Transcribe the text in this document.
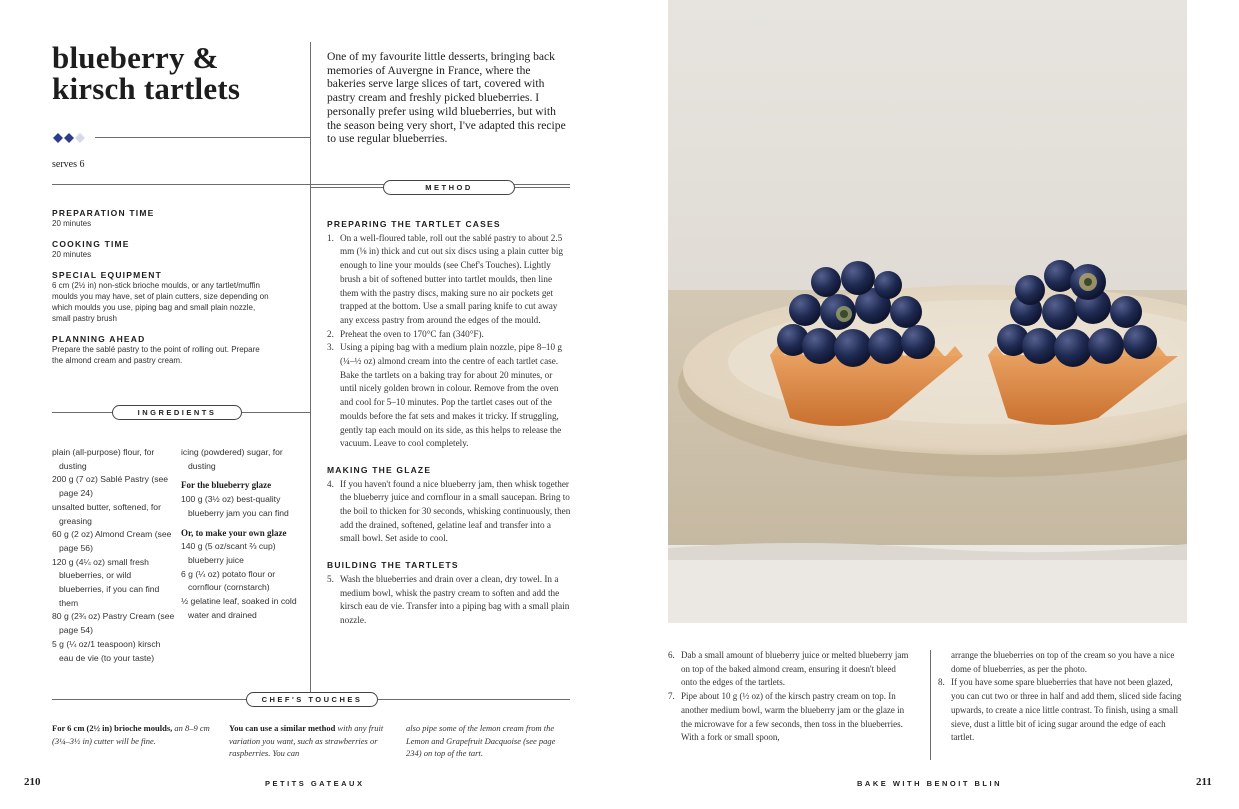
blueberry &
kirsch tartlets
serves 6
PREPARATION TIME
20 minutes
COOKING TIME
20 minutes
SPECIAL EQUIPMENT
6 cm (2½ in) non-stick brioche moulds, or any tartlet/muffin
moulds you may have, set of plain cutters, size depending on
which moulds you use, piping bag and small plain nozzle,
small pastry brush
PLANNING AHEAD
Prepare the sablé pastry to the point of rolling out. Prepare
the almond cream and pastry cream.
INGREDIENTS
plain (all-purpose) flour, for dusting
200 g (7 oz) Sablé Pastry (see page 24)
unsalted butter, softened, for greasing
60 g (2 oz) Almond Cream (see page 56)
120 g (4¼ oz) small fresh blueberries, or wild blueberries, if you can find them
80 g (2¾ oz) Pastry Cream (see page 54)
5 g (¼ oz/1 teaspoon) kirsch eau de vie (to your taste)
icing (powdered) sugar, for dusting
For the blueberry glaze
100 g (3½ oz) best-quality blueberry jam you can find
Or, to make your own glaze
140 g (5 oz/scant ⅔ cup) blueberry juice
6 g (¼ oz) potato flour or cornflour (cornstarch)
½ gelatine leaf, soaked in cold water and drained
One of my favourite little desserts, bringing back memories of Auvergne in France, where the bakeries serve large slices of tart, covered with pastry cream and freshly picked blueberries. I personally prefer using wild blueberries, but with the season being very short, I've adapted this recipe to use regular blueberries.
METHOD
PREPARING THE TARTLET CASES
1. On a well-floured table, roll out the sablé pastry to about 2.5 mm (⅛ in) thick and cut out six discs using a plain cutter big enough to line your moulds (see Chef's Touches). Lightly brush a bit of softened butter into tartlet moulds, then line them with the pastry discs, making sure no air pockets get trapped at the bottom. Use a small paring knife to cut away any excess pastry from around the edges of the mould.
2. Preheat the oven to 170°C fan (340°F).
3. Using a piping bag with a medium plain nozzle, pipe 8–10 g (¼–½ oz) almond cream into the centre of each tartlet case. Bake the tartlets on a baking tray for about 20 minutes, or until nicely golden brown in colour. Remove from the oven and cool for 5–10 minutes. Pop the tartlet cases out of the moulds before the fat sets and makes it tricky. If struggling, gently tap each mould on its side, as this helps to release the vacuum. Leave to cool completely.
MAKING THE GLAZE
4. If you haven't found a nice blueberry jam, then whisk together the blueberry juice and cornflour in a small saucepan. Bring to the boil to thicken for 30 seconds, whisking continuously, then add the drained, softened, gelatine leaf and transfer into a small bowl. Set aside to cool.
BUILDING THE TARTLETS
5. Wash the blueberries and drain over a clean, dry towel. In a medium bowl, whisk the pastry cream to soften and add the kirsch eau de vie. Transfer into a piping bag with a small plain nozzle.
CHEF'S TOUCHES
For 6 cm (2½ in) brioche moulds, an 8–9 cm (3¼–3½ in) cutter will be fine.
You can use a similar method with any fruit variation you want, such as strawberries or raspberries. You can
also pipe some of the lemon cream from the Lemon and Grapefruit Dacquoise (see page 234) on top of the tart.
210	PETITS GATEAUX
6. Dab a small amount of blueberry juice or melted blueberry jam on top of the baked almond cream, ensuring it doesn't bleed onto the edges of the tartlets.
7. Pipe about 10 g (½ oz) of the kirsch pastry cream on top. In another medium bowl, warm the blueberry jam or the glaze in the microwave for a few seconds, then toss in the blueberries. With a fork or small spoon,
arrange the blueberries on top of the cream so you have a nice dome of blueberries, as per the photo.
8. If you have some spare blueberries that have not been glazed, you can cut two or three in half and add them, sliced side facing upwards, to create a nice little contrast. To finish, using a small sieve, dust a little bit of icing sugar around the edge of each tartlet.
BAKE WITH BENOIT BLIN	211
